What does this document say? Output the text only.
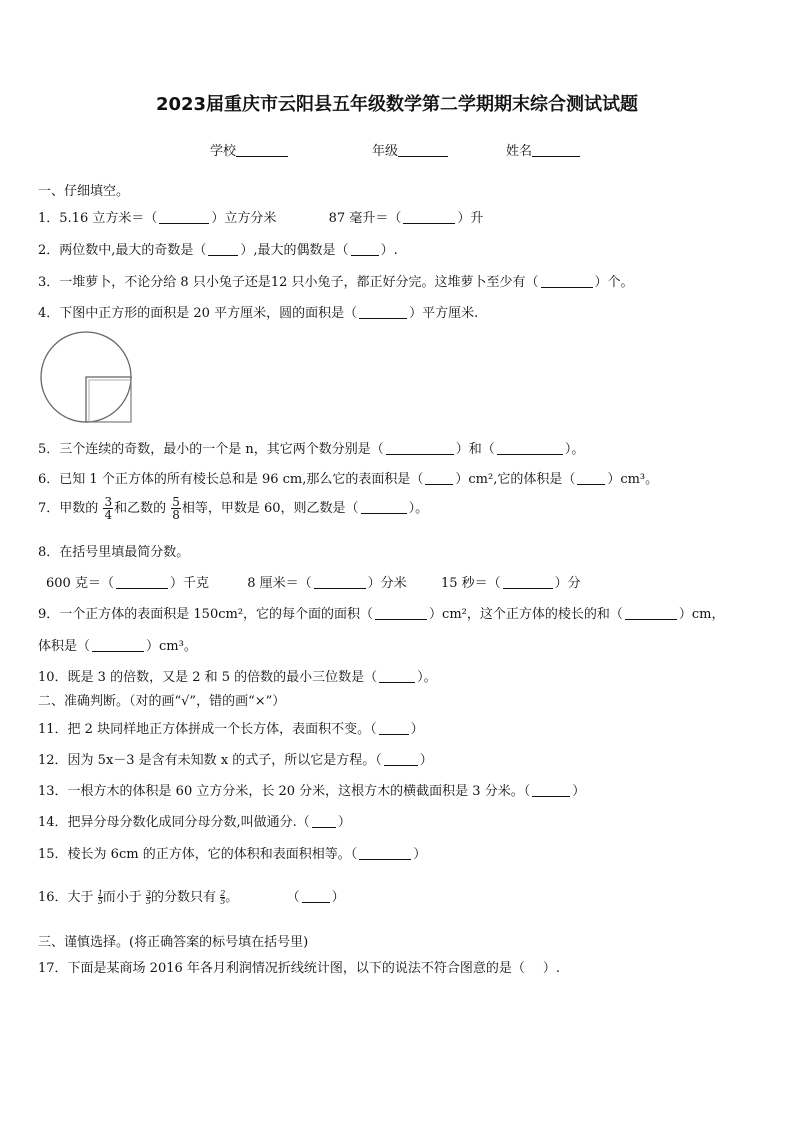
2023届重庆市云阳县五年级数学第二学期期末综合测试试题
学校	年级	姓名
一、仔细填空。
1．5.16 立方米＝（	）立方分米	87 毫升＝（	）升
2．两位数中,最大的奇数是（	）,最大的偶数是（ ）.
3．一堆萝卜，不论分给 8 只小兔子还是12 只小兔子，都正好分完。这堆萝卜至少有（	）个。
4．下图中正方形的面积是 20 平方厘米，圆的面积是（	）平方厘米.
5．三个连续的奇数，最小的一个是 n，其它两个数分别是（	）和（	）。
6．已知 1 个正方体的所有棱长总和是 96 cm,那么它的表面积是（ ）cm²,它的体积是（ ）cm³。
7．甲数的 $\frac{3}{4}$ 和乙数的 $\frac{5}{8}$ 相等，甲数是 60，则乙数是（	）。
8．在括号里填最简分数。
600 克＝（	）千克	8 厘米＝（	）分米	15 秒＝（	）分
9．一个正方体的表面积是 150cm²，它的每个面的面积（	）cm²，这个正方体的棱长的和（	）cm，
体积是（	）cm³。
10．既是 3 的倍数，又是 2 和 5 的倍数的最小三位数是（	）。
二、准确判断。（对的画“√”，错的画“×”）
11．把 2 块同样地正方体拼成一个长方体，表面积不变。（	）
12．因为 5x－3 是含有未知数 x 的式子，所以它是方程。（	）
13．一根方木的体积是 60 立方分米，长 20 分米，这根方木的横截面积是 3 分米。（	）
14．把异分母分数化成同分母分数,叫做通分.（ ）
15．棱长为 6cm 的正方体，它的体积和表面积相等。（	）
16．大于 $\frac{1}{5}$ 而小于 $\frac{3}{5}$ 的分数只有 $\frac{2}{5}$ 。	（ ）
三、谨慎选择。(将正确答案的标号填在括号里)
17．下面是某商场 2016 年各月利润情况折线统计图，以下的说法不符合图意的是（ ）.
